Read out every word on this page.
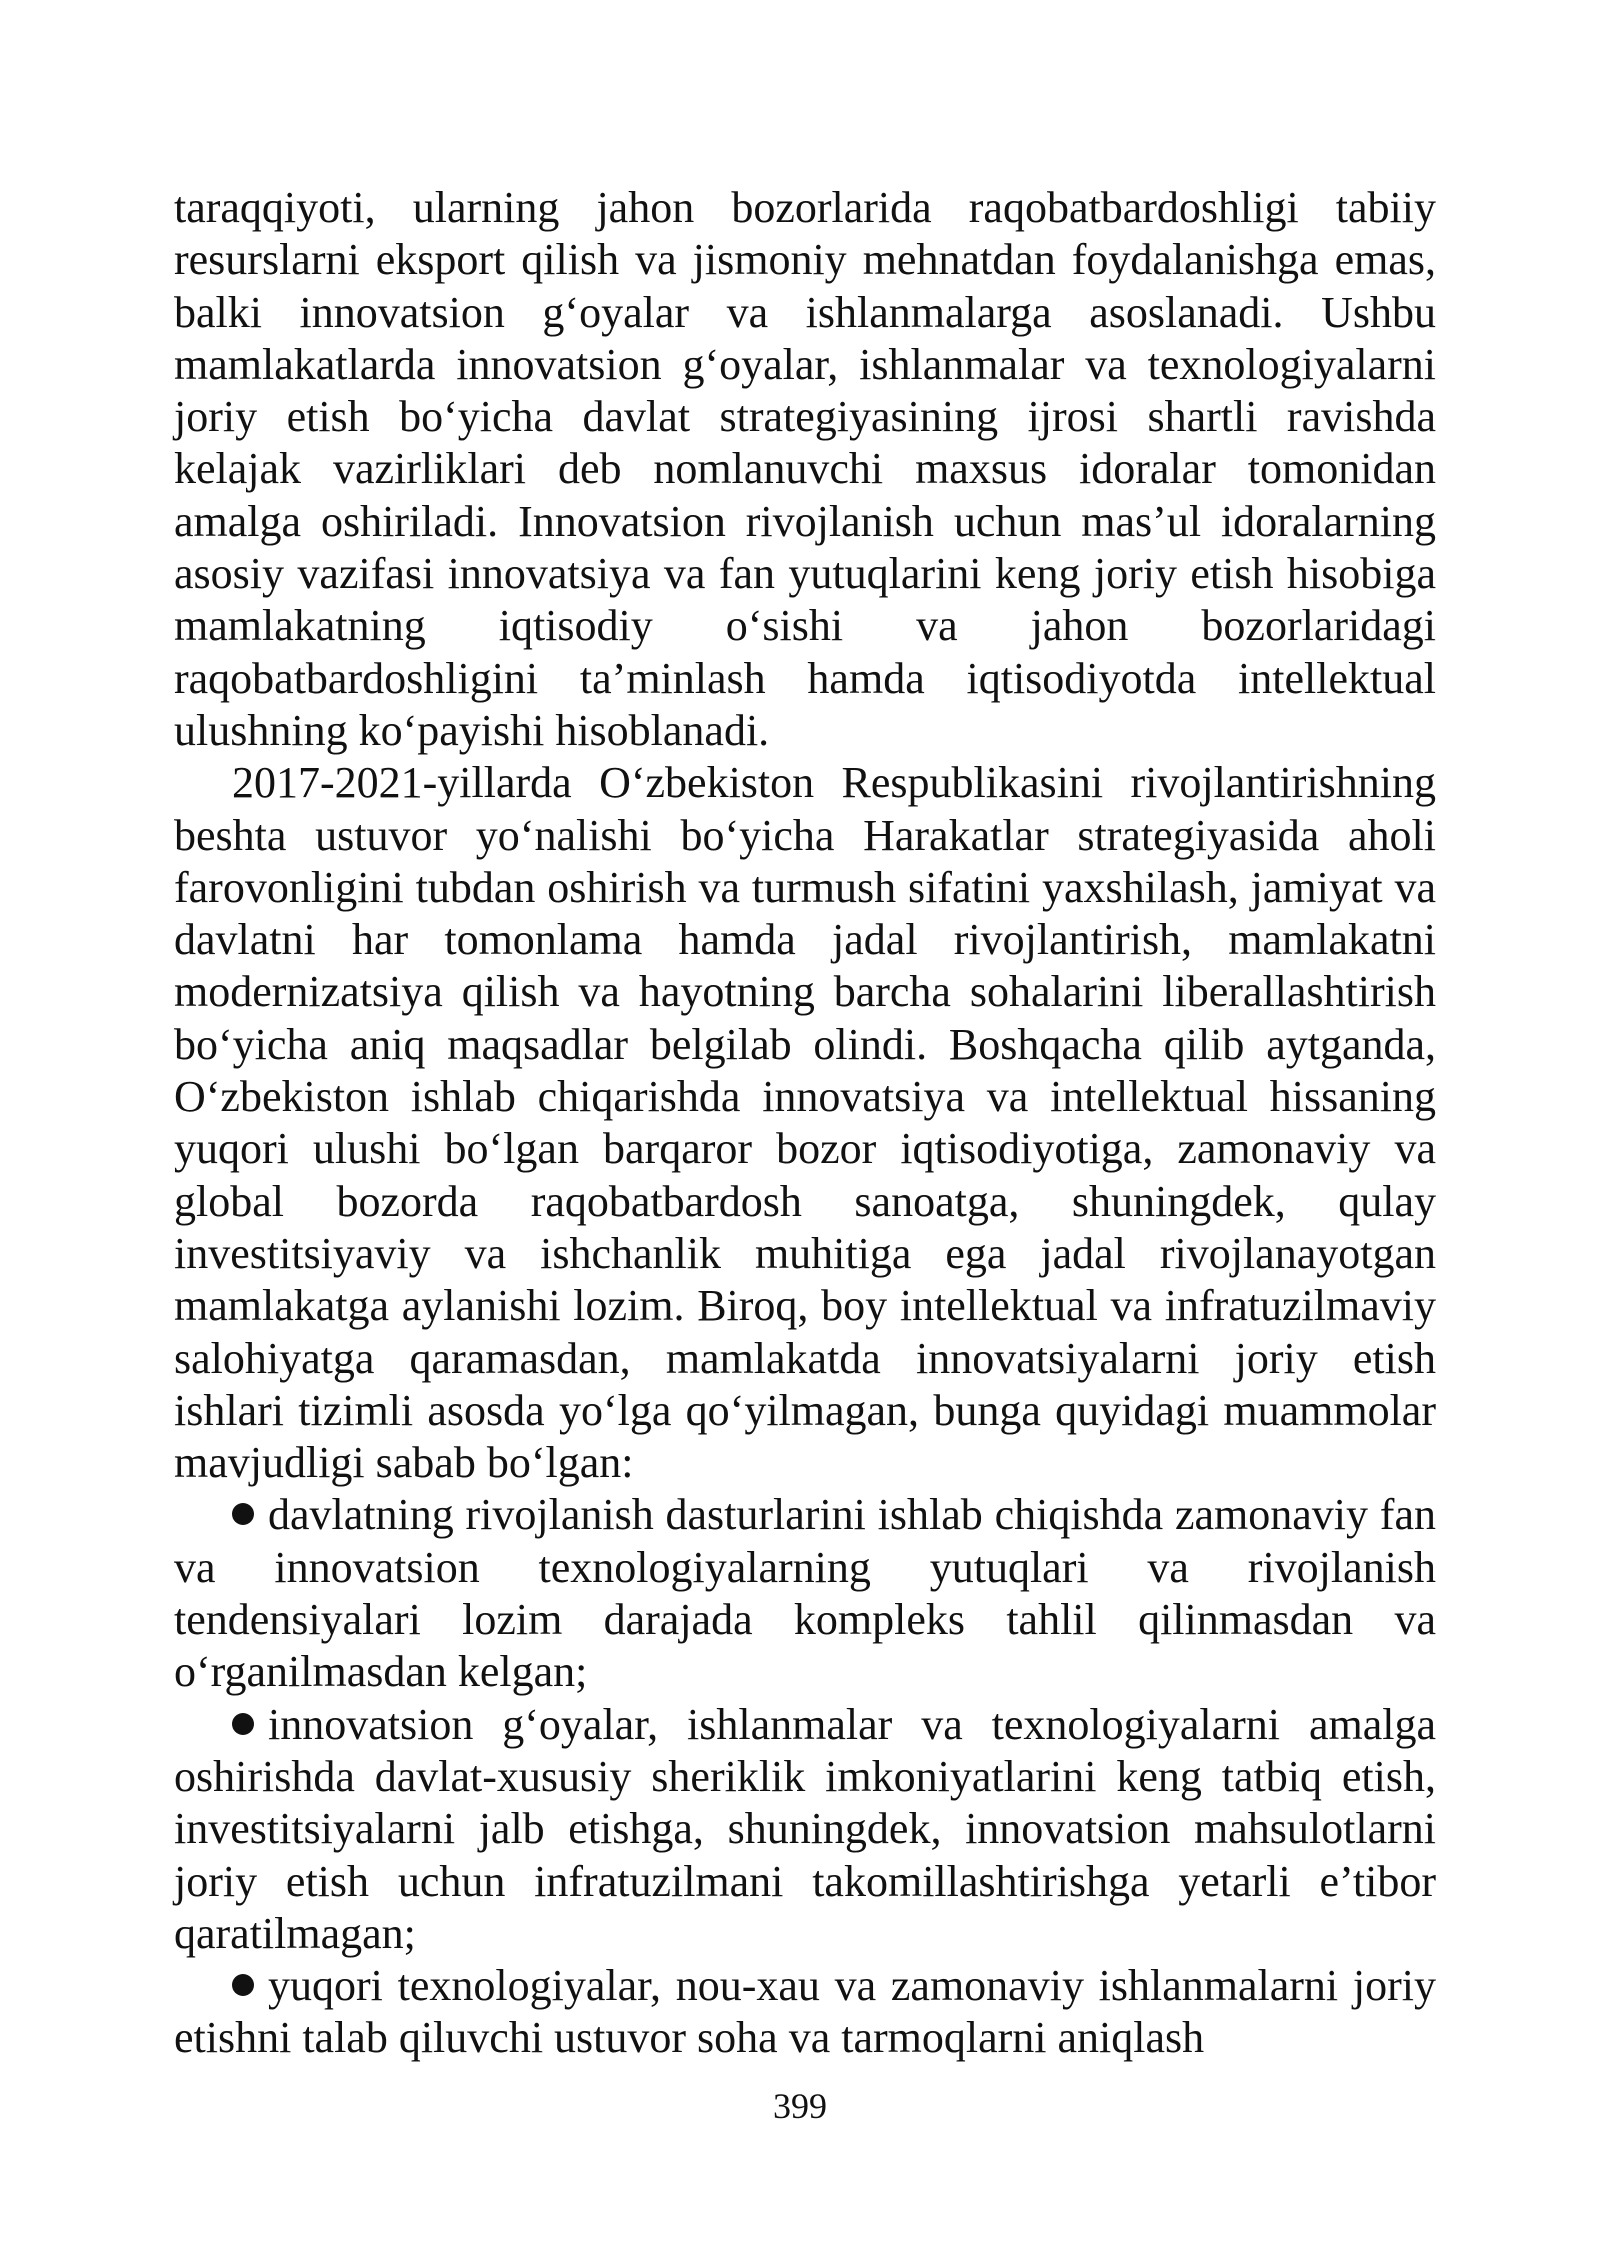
taraqqiyoti, ularning jahon bozorlarida raqobatbardoshligi tabiiy resurslarni eksport qilish va jismoniy mehnatdan foydalanishga emas, balki innovatsion g‘oyalar va ishlanmalarga asoslanadi. Ushbu mamlakatlarda innovatsion g‘oyalar, ishlanmalar va texnologiyalarni joriy etish bo‘yicha davlat strategiyasining ijrosi shartli ravishda kelajak vazirliklari deb nomlanuvchi maxsus idoralar tomonidan amalga oshiriladi. Innovatsion rivojlanish uchun mas’ul idoralarning asosiy vazifasi innovatsiya va fan yutuqlarini keng joriy etish hisobiga mamlakatning iqtisodiy o‘sishi va jahon bozorlaridagi raqobatbardoshligini ta’minlash hamda iqtisodiyotda intellektual ulushning ko‘payishi hisoblanadi.

2017-2021-yillarda O‘zbekiston Respublikasini rivojlantirishning beshta ustuvor yo‘nalishi bo‘yicha Harakatlar strategiyasida aholi farovonligini tubdan oshirish va turmush sifatini yaxshilash, jamiyat va davlatni har tomonlama hamda jadal rivojlantirish, mamlakatni modernizatsiya qilish va hayotning barcha sohalarini liberallashtirish bo‘yicha aniq maqsadlar belgilab olindi. Boshqacha qilib aytganda, O‘zbekiston ishlab chiqarishda innovatsiya va intellektual hissaning yuqori ulushi bo‘lgan barqaror bozor iqtisodiyotiga, zamonaviy va global bozorda raqobatbardosh sanoatga, shuningdek, qulay investitsiyaviy va ishchanlik muhitiga ega jadal rivojlanayotgan mamlakatga aylanishi lozim. Biroq, boy intellektual va infratuzilmaviy salohiyatga qaramasdan, mamlakatda innovatsiyalarni joriy etish ishlari tizimli asosda yo‘lga qo‘yilmagan, bunga quyidagi muammolar mavjudligi sabab bo‘lgan:

davlatning rivojlanish dasturlarini ishlab chiqishda zamonaviy fan va innovatsion texnologiyalarning yutuqlari va rivojlanish tendensiyalari lozim darajada kompleks tahlil qilinmasdan va o‘rganilmasdan kelgan;
innovatsion g‘oyalar, ishlanmalar va texnologiyalarni amalga oshirishda davlat-xususiy sheriklik imkoniyatlarini keng tatbiq etish, investitsiyalarni jalb etishga, shuningdek, innovatsion mahsulotlarni joriy etish uchun infratuzilmani takomillashtirishga yetarli e’tibor qaratilmagan;
yuqori texnologiyalar, nou-xau va zamonaviy ishlanmalarni joriy etishni talab qiluvchi ustuvor soha va tarmoqlarni aniqlash
399
